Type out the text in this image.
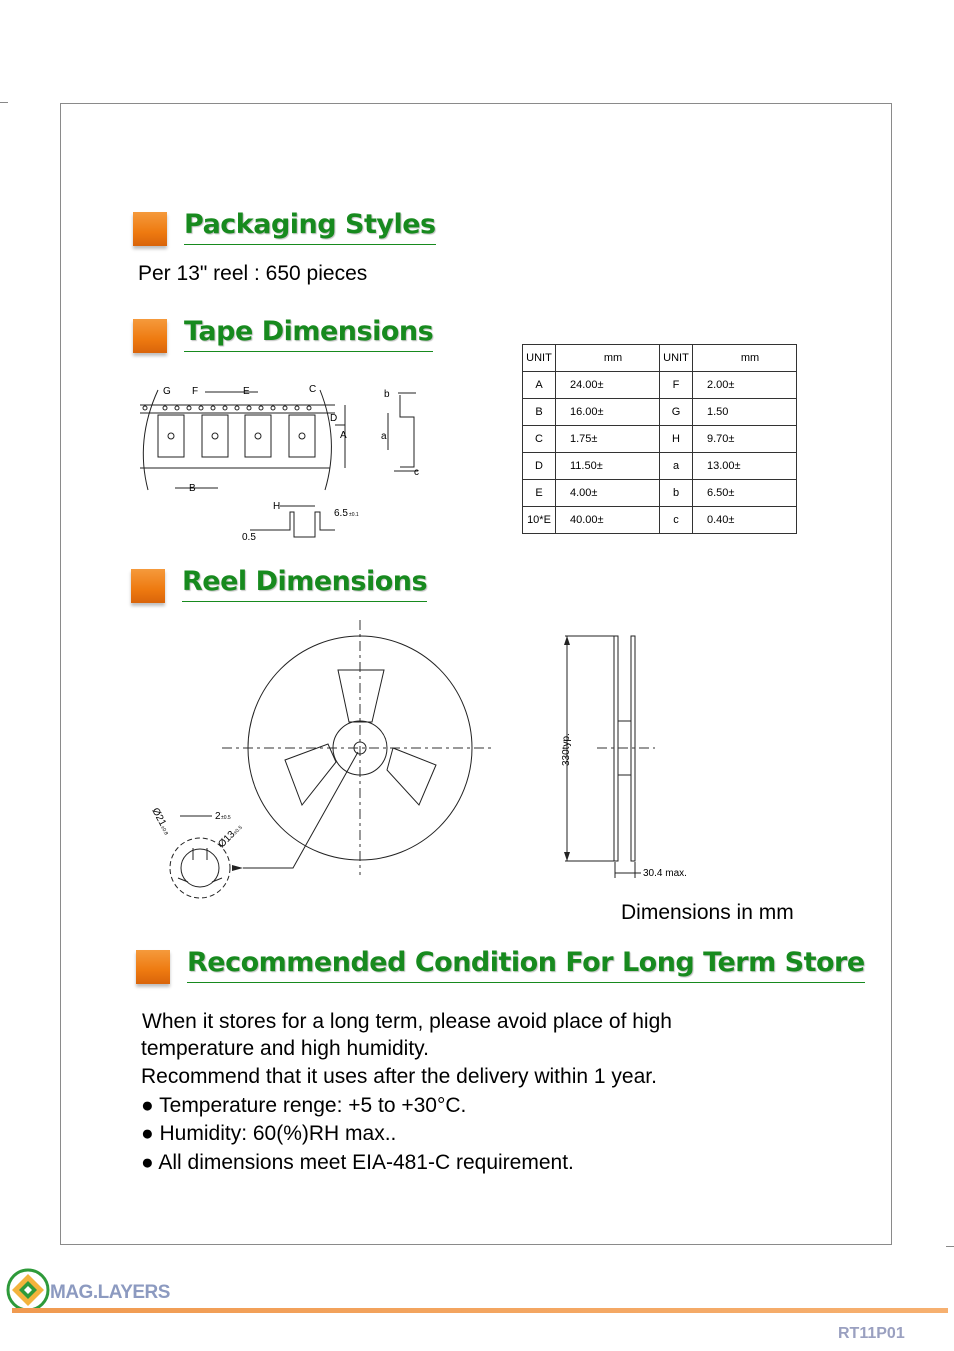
Packaging Styles
Per 13" reel : 650 pieces
Tape Dimensions
G F	E	C
D
A
B
H
6.5 ±0.1
0.5
b
a
c
UNIT	mm	UNIT	mm
A	24.00±	F	2.00±
B	16.00±	G	1.50
C	1.75±	H	9.70±
D	11.50±	a	13.00±
E	4.00±	b	6.50±
10*E	40.00±	c	0.40±
Reel Dimensions
2 ±0.5
Ø21
±0.8	Ø13
±0.5
330typ.
30.4 max.
Dimensions in mm
Recommended Condition For Long Term Store
When it stores for a long term, please avoid place of high
temperature and high humidity.
Recommend that it uses after the delivery within 1 year.
● Temperature renge: +5 to +30°C.
● Humidity: 60(%)RH max..
● All dimensions meet EIA-481-C requirement.
MAG.LAYERS
RT11P01
